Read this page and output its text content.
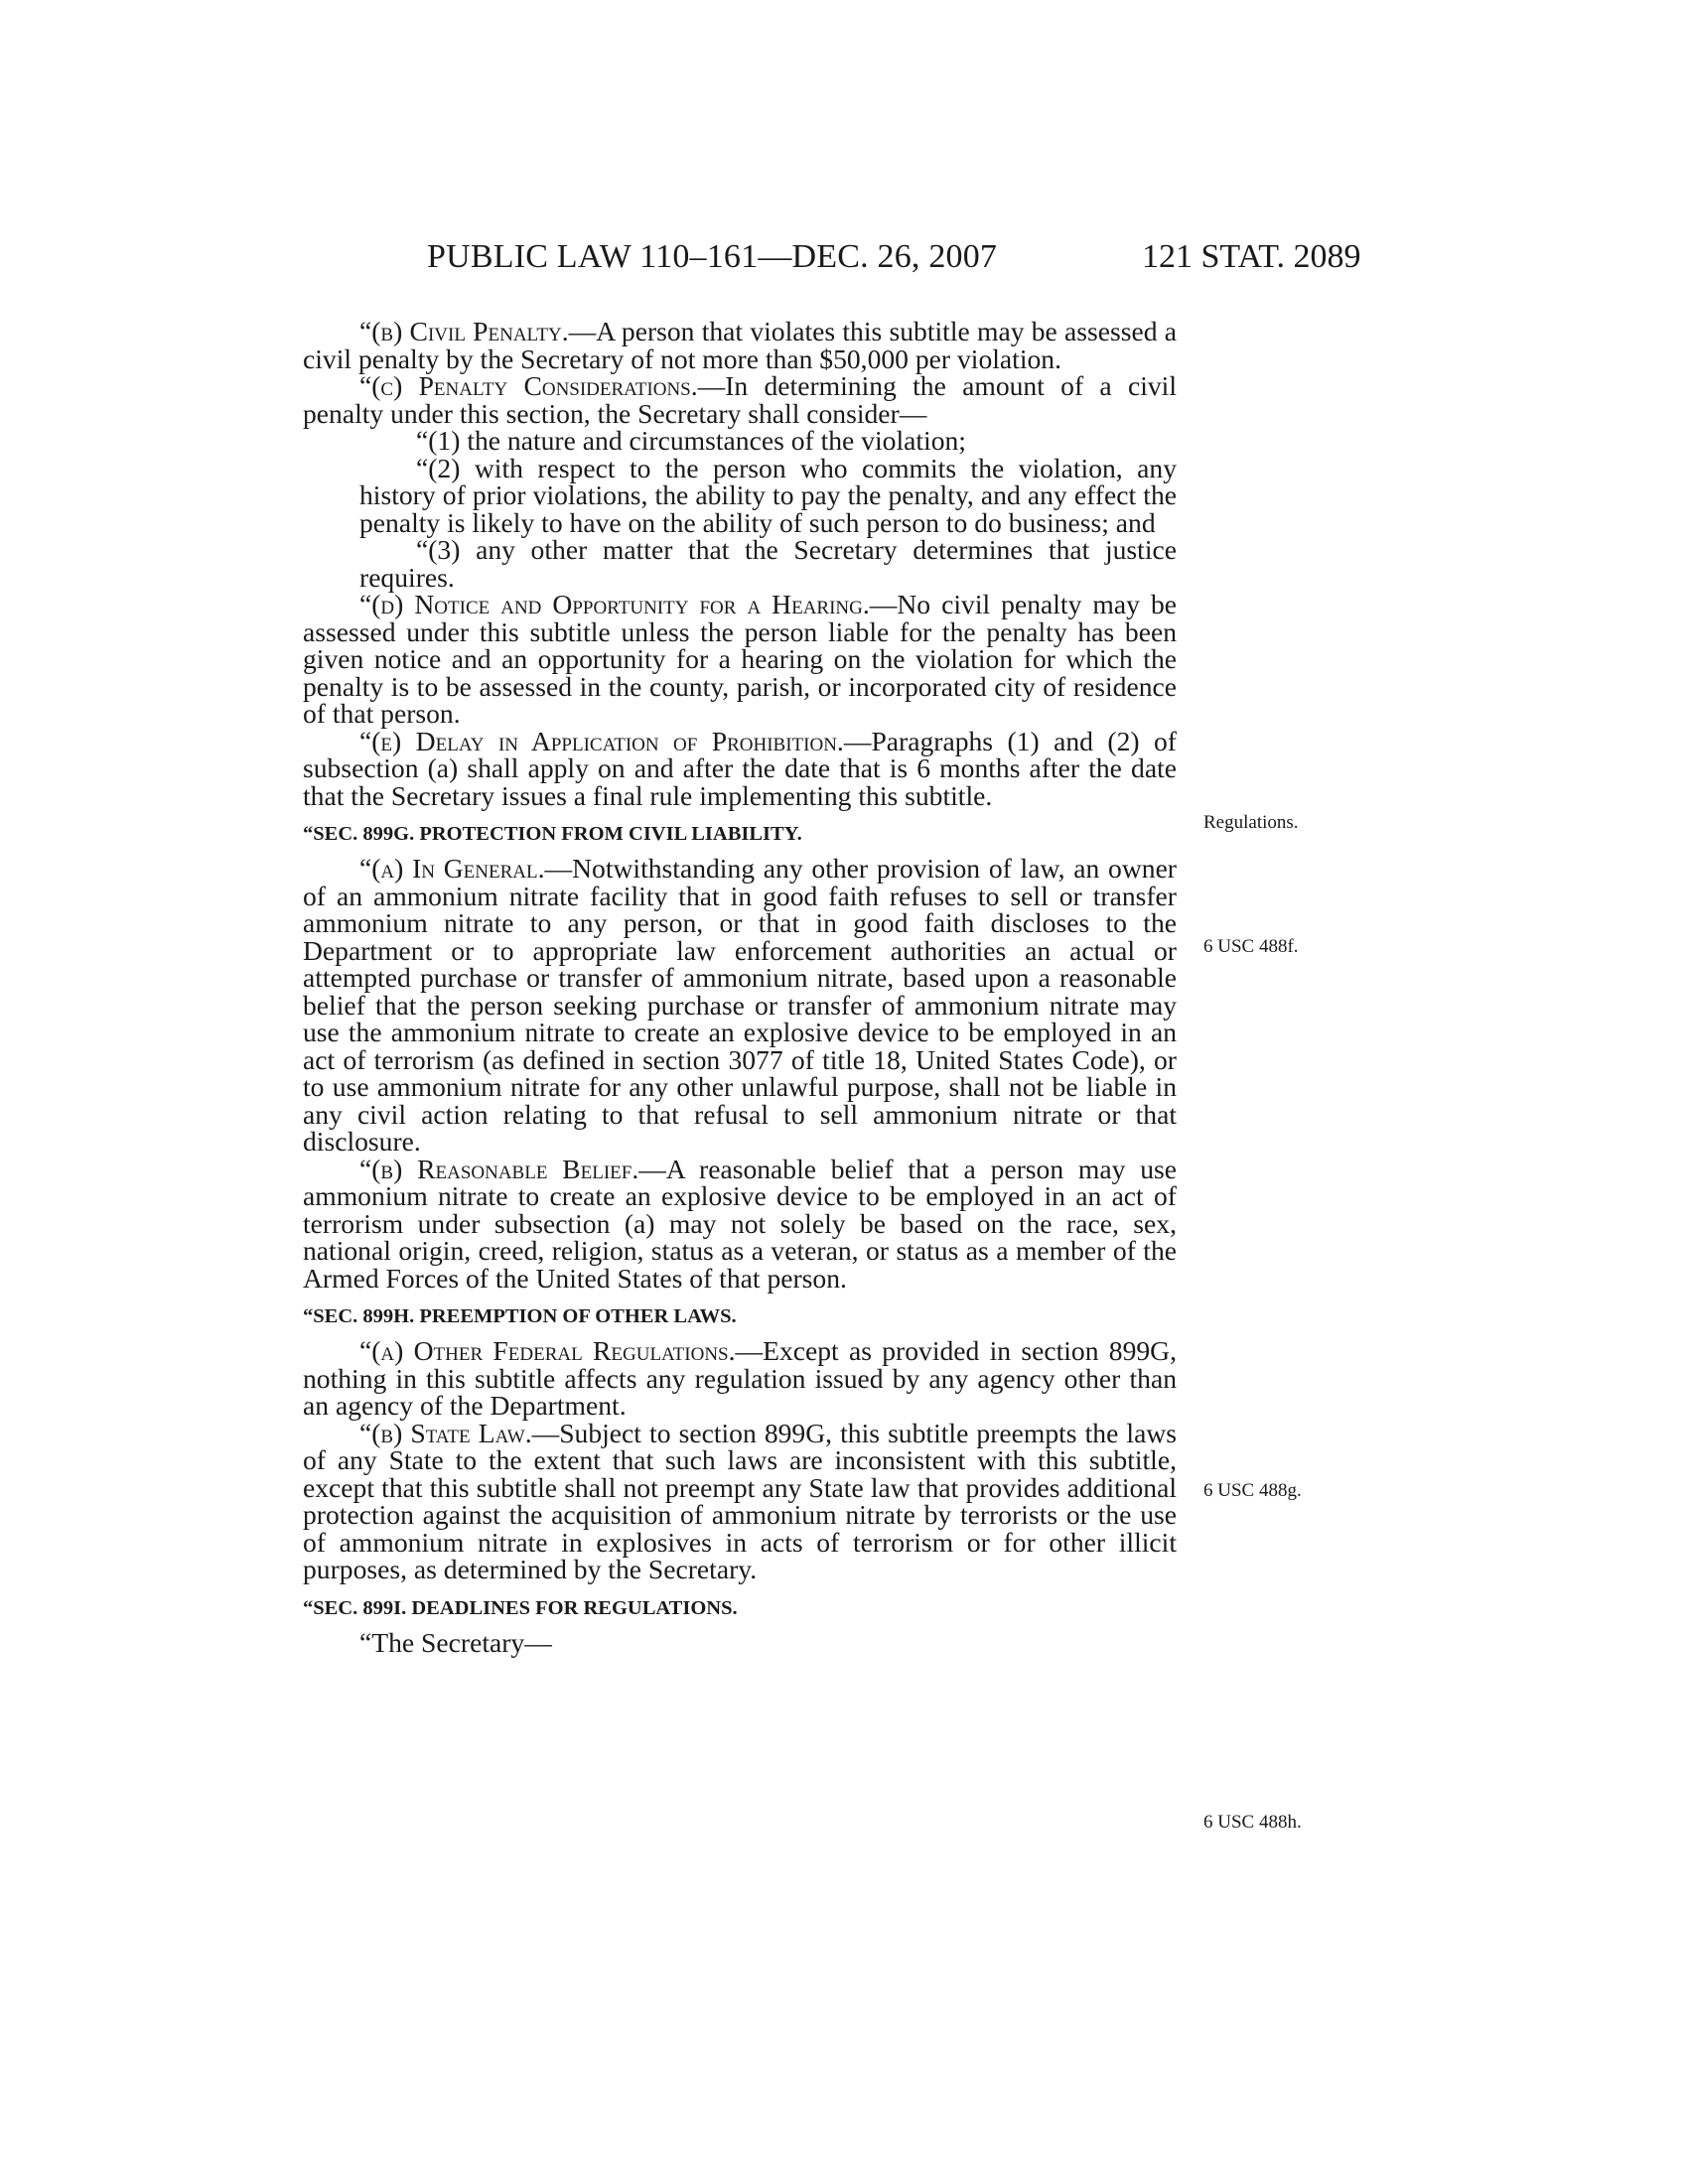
PUBLIC LAW 110–161—DEC. 26, 2007	121 STAT. 2089

“(b) Civil Penalty.—A person that violates this subtitle may be assessed a civil penalty by the Secretary of not more than $50,000 per violation.

“(c) Penalty Considerations.—In determining the amount of a civil penalty under this section, the Secretary shall consider—

“(1) the nature and circumstances of the violation;

“(2) with respect to the person who commits the violation, any history of prior violations, the ability to pay the penalty, and any effect the penalty is likely to have on the ability of such person to do business; and

“(3) any other matter that the Secretary determines that justice requires.

“(d) Notice and Opportunity for a Hearing.—No civil penalty may be assessed under this subtitle unless the person liable for the penalty has been given notice and an opportunity for a hearing on the violation for which the penalty is to be assessed in the county, parish, or incorporated city of residence of that person.

“(e) Delay in Application of Prohibition.—Paragraphs (1) and (2) of subsection (a) shall apply on and after the date that is 6 months after the date that the Secretary issues a final rule implementing this subtitle.

“SEC. 899G. PROTECTION FROM CIVIL LIABILITY.

“(a) In General.—Notwithstanding any other provision of law, an owner of an ammonium nitrate facility that in good faith refuses to sell or transfer ammonium nitrate to any person, or that in good faith discloses to the Department or to appropriate law enforcement authorities an actual or attempted purchase or transfer of ammonium nitrate, based upon a reasonable belief that the person seeking purchase or transfer of ammonium nitrate may use the ammonium nitrate to create an explosive device to be employed in an act of terrorism (as defined in section 3077 of title 18, United States Code), or to use ammonium nitrate for any other unlawful purpose, shall not be liable in any civil action relating to that refusal to sell ammonium nitrate or that disclosure.

“(b) Reasonable Belief.—A reasonable belief that a person may use ammonium nitrate to create an explosive device to be employed in an act of terrorism under subsection (a) may not solely be based on the race, sex, national origin, creed, religion, status as a veteran, or status as a member of the Armed Forces of the United States of that person.

“SEC. 899H. PREEMPTION OF OTHER LAWS.

“(a) Other Federal Regulations.—Except as provided in section 899G, nothing in this subtitle affects any regulation issued by any agency other than an agency of the Department.

“(b) State Law.—Subject to section 899G, this subtitle preempts the laws of any State to the extent that such laws are inconsistent with this subtitle, except that this subtitle shall not preempt any State law that provides additional protection against the acquisition of ammonium nitrate by terrorists or the use of ammonium nitrate in explosives in acts of terrorism or for other illicit purposes, as determined by the Secretary.

“SEC. 899I. DEADLINES FOR REGULATIONS.

“The Secretary—

Regulations.
6 USC 488f.
6 USC 488g.
6 USC 488h.
